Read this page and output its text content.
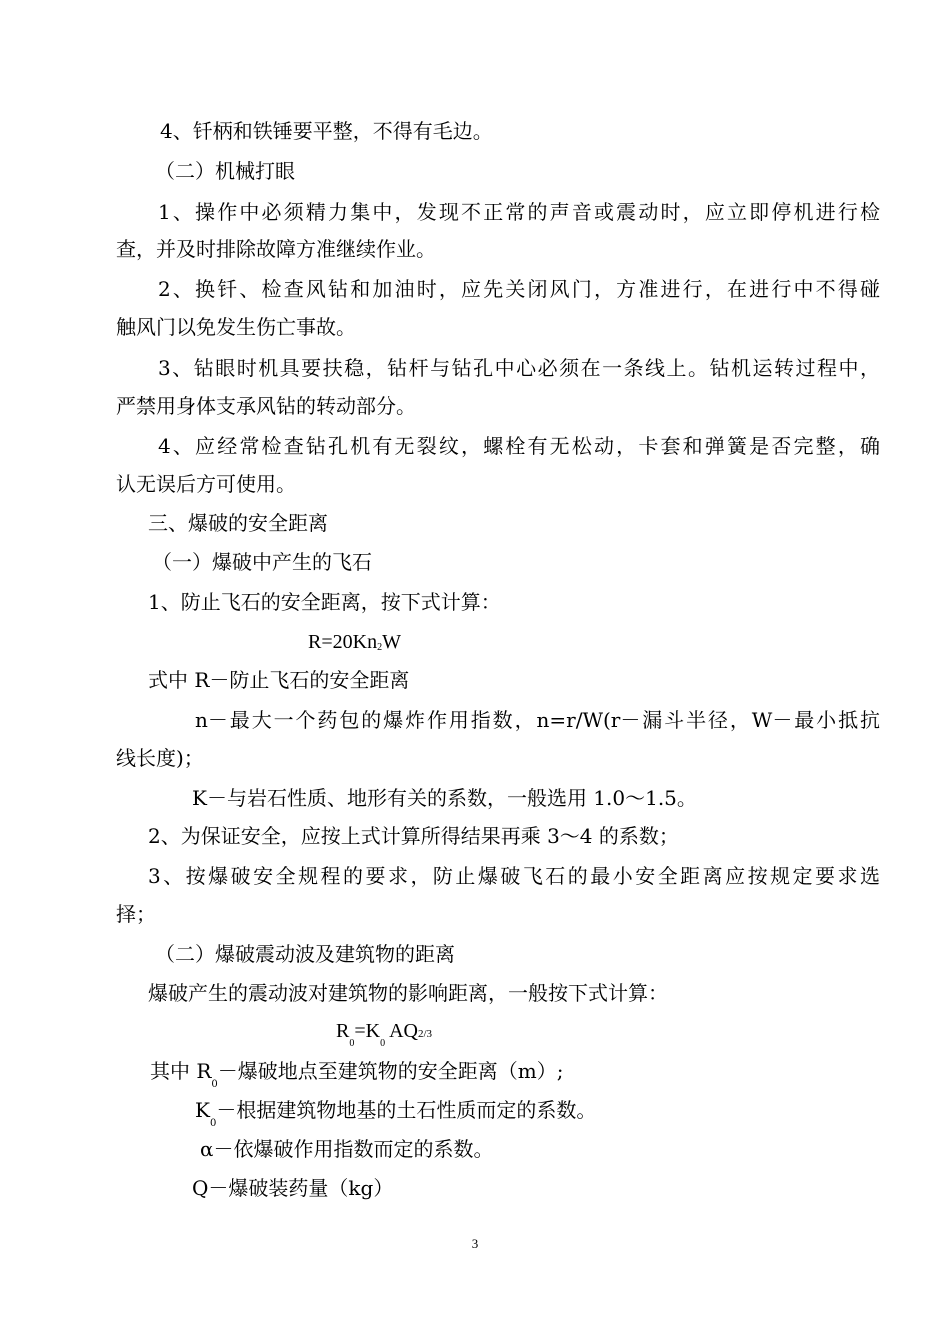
4、钎柄和铁锤要平整，不得有毛边。
（二）机械打眼
1、操作中必须精力集中，发现不正常的声音或震动时，应立即停机进行检
查，并及时排除故障方准继续作业。
2、换钎、检查风钻和加油时，应先关闭风门，方准进行，在进行中不得碰
触风门以免发生伤亡事故。
3、钻眼时机具要扶稳，钻杆与钻孔中心必须在一条线上。钻机运转过程中，
严禁用身体支承风钻的转动部分。
4、应经常检查钻孔机有无裂纹，螺栓有无松动，卡套和弹簧是否完整，确
认无误后方可使用。
三、爆破的安全距离
（一）爆破中产生的飞石
1、防止飞石的安全距离，按下式计算：
R=20Kn2W
式中 R－防止飞石的安全距离
n－最大一个药包的爆炸作用指数，n=r/W(r－漏斗半径，W－最小抵抗
线长度)；
K－与岩石性质、地形有关的系数，一般选用 1.0～1.5。
2、为保证安全，应按上式计算所得结果再乘 3～4 的系数；
3、按爆破安全规程的要求，防止爆破飞石的最小安全距离应按规定要求选
择；
（二）爆破震动波及建筑物的距离
爆破产生的震动波对建筑物的影响距离，一般按下式计算：
$R_0=K_0$ ΑQ2/3
其中 $R_0-$爆破地点至建筑物的安全距离（m）;
$K_0-$根据建筑物地基的土石性质而定的系数。
α－依爆破作用指数而定的系数。
Q－爆破装药量（kg）
3
